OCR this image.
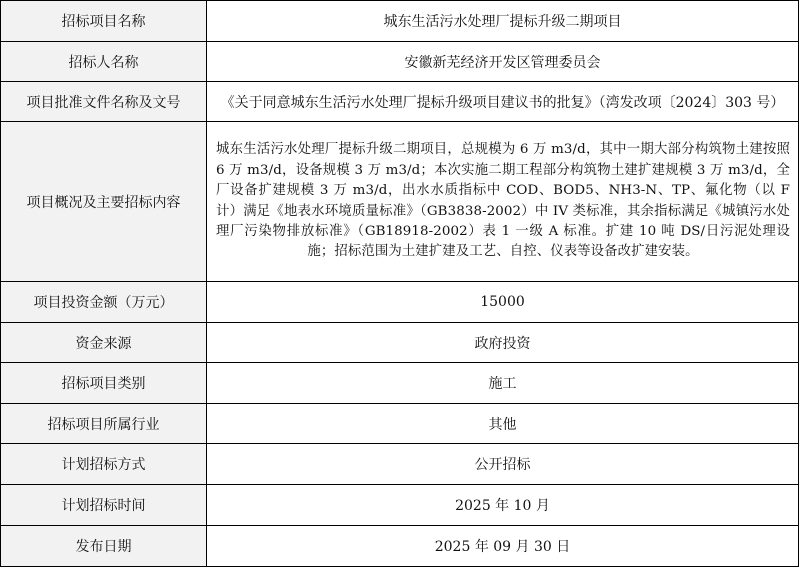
招标项目名称	城东生活污水处理厂提标升级二期项目
招标人名称	安徽新芜经济开发区管理委员会
项目批准文件名称及文号	《关于同意城东生活污水处理厂提标升级项目建议书的批复》（湾发改项〔2024〕303 号）
项目概况及主要招标内容	城东生活污水处理厂提标升级二期项目，总规模为 6 万 m3/d，其中一期大部分构筑物土建按照 6 万 m3/d，设备规模 3 万 m3/d；本次实施二期工程部分构筑物土建扩建规模 3 万 m3/d，全厂设备扩建规模 3 万 m3/d，出水水质指标中 COD、BOD5、NH3-N、TP、氟化物（以 F 计）满足《地表水环境质量标准》（GB3838-2002）中 IV 类标准，其余指标满足《城镇污水处理厂污染物排放标准》（GB18918-2002）表 1 一级 A 标准。扩建 10 吨 DS/日污泥处理设施；招标范围为土建扩建及工艺、自控、仪表等设备改扩建安装。

项目投资金额（万元）	15000
资金来源	政府投资
招标项目类别	施工
招标项目所属行业	其他
计划招标方式	公开招标
计划招标时间	2025 年 10 月
发布日期	2025 年 09 月 30 日
